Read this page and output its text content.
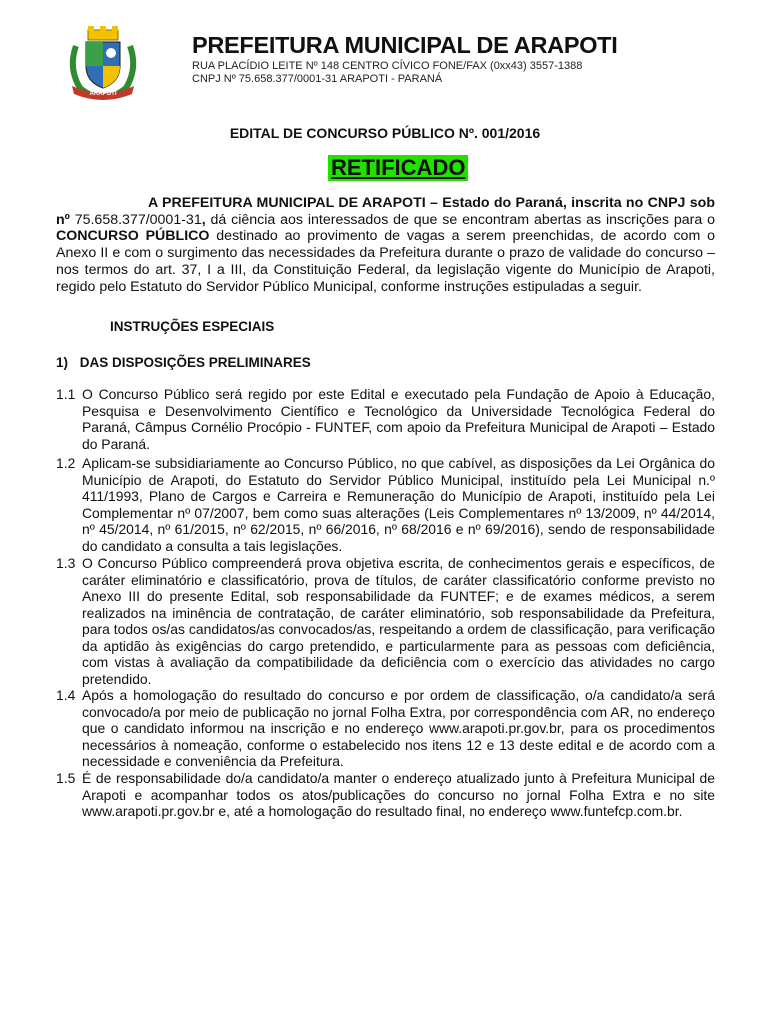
ARAPOTI
PREFEITURA MUNICIPAL DE ARAPOTI
RUA PLACÍDIO LEITE Nº 148 CENTRO CÍVICO FONE/FAX (0xx43) 3557-1388
CNPJ Nº 75.658.377/0001-31 ARAPOTI - PARANÁ
EDITAL DE CONCURSO PÚBLICO Nº. 001/2016
RETIFICADO
A PREFEITURA MUNICIPAL DE ARAPOTI – Estado do Paraná, inscrita no CNPJ sob nº 75.658.377/0001-31, dá ciência aos interessados de que se encontram abertas as inscrições para o CONCURSO PÚBLICO destinado ao provimento de vagas a serem preenchidas, de acordo com o Anexo II e com o surgimento das necessidades da Prefeitura durante o prazo de validade do concurso – nos termos do art. 37, I a III, da Constituição Federal, da legislação vigente do Município de Arapoti, regido pelo Estatuto do Servidor Público Municipal, conforme instruções estipuladas a seguir.
INSTRUÇÕES ESPECIAIS
1) DAS DISPOSIÇÕES PRELIMINARES
1.1 O Concurso Público será regido por este Edital e executado pela Fundação de Apoio à Educação, Pesquisa e Desenvolvimento Científico e Tecnológico da Universidade Tecnológica Federal do Paraná, Câmpus Cornélio Procópio - FUNTEF, com apoio da Prefeitura Municipal de Arapoti – Estado do Paraná.
1.2 Aplicam-se subsidiariamente ao Concurso Público, no que cabível, as disposições da Lei Orgânica do Município de Arapoti, do Estatuto do Servidor Público Municipal, instituído pela Lei Municipal n.º 411/1993, Plano de Cargos e Carreira e Remuneração do Município de Arapoti, instituído pela Lei Complementar nº 07/2007, bem como suas alterações (Leis Complementares nº 13/2009, nº 44/2014, nº 45/2014, nº 61/2015, nº 62/2015, nº 66/2016, nº 68/2016 e nº 69/2016), sendo de responsabilidade do candidato a consulta a tais legislações.
1.3 O Concurso Público compreenderá prova objetiva escrita, de conhecimentos gerais e específicos, de caráter eliminatório e classificatório, prova de títulos, de caráter classificatório conforme previsto no Anexo III do presente Edital, sob responsabilidade da FUNTEF; e de exames médicos, a serem realizados na iminência de contratação, de caráter eliminatório, sob responsabilidade da Prefeitura, para todos os/as candidatos/as convocados/as, respeitando a ordem de classificação, para verificação da aptidão às exigências do cargo pretendido, e particularmente para as pessoas com deficiência, com vistas à avaliação da compatibilidade da deficiência com o exercício das atividades no cargo pretendido.
1.4 Após a homologação do resultado do concurso e por ordem de classificação, o/a candidato/a será convocado/a por meio de publicação no jornal Folha Extra, por correspondência com AR, no endereço que o candidato informou na inscrição e no endereço www.arapoti.pr.gov.br, para os procedimentos necessários à nomeação, conforme o estabelecido nos itens 12 e 13 deste edital e de acordo com a necessidade e conveniência da Prefeitura.
1.5 É de responsabilidade do/a candidato/a manter o endereço atualizado junto à Prefeitura Municipal de Arapoti e acompanhar todos os atos/publicações do concurso no jornal Folha Extra e no site www.arapoti.pr.gov.br e, até a homologação do resultado final, no endereço www.funtefcp.com.br.
